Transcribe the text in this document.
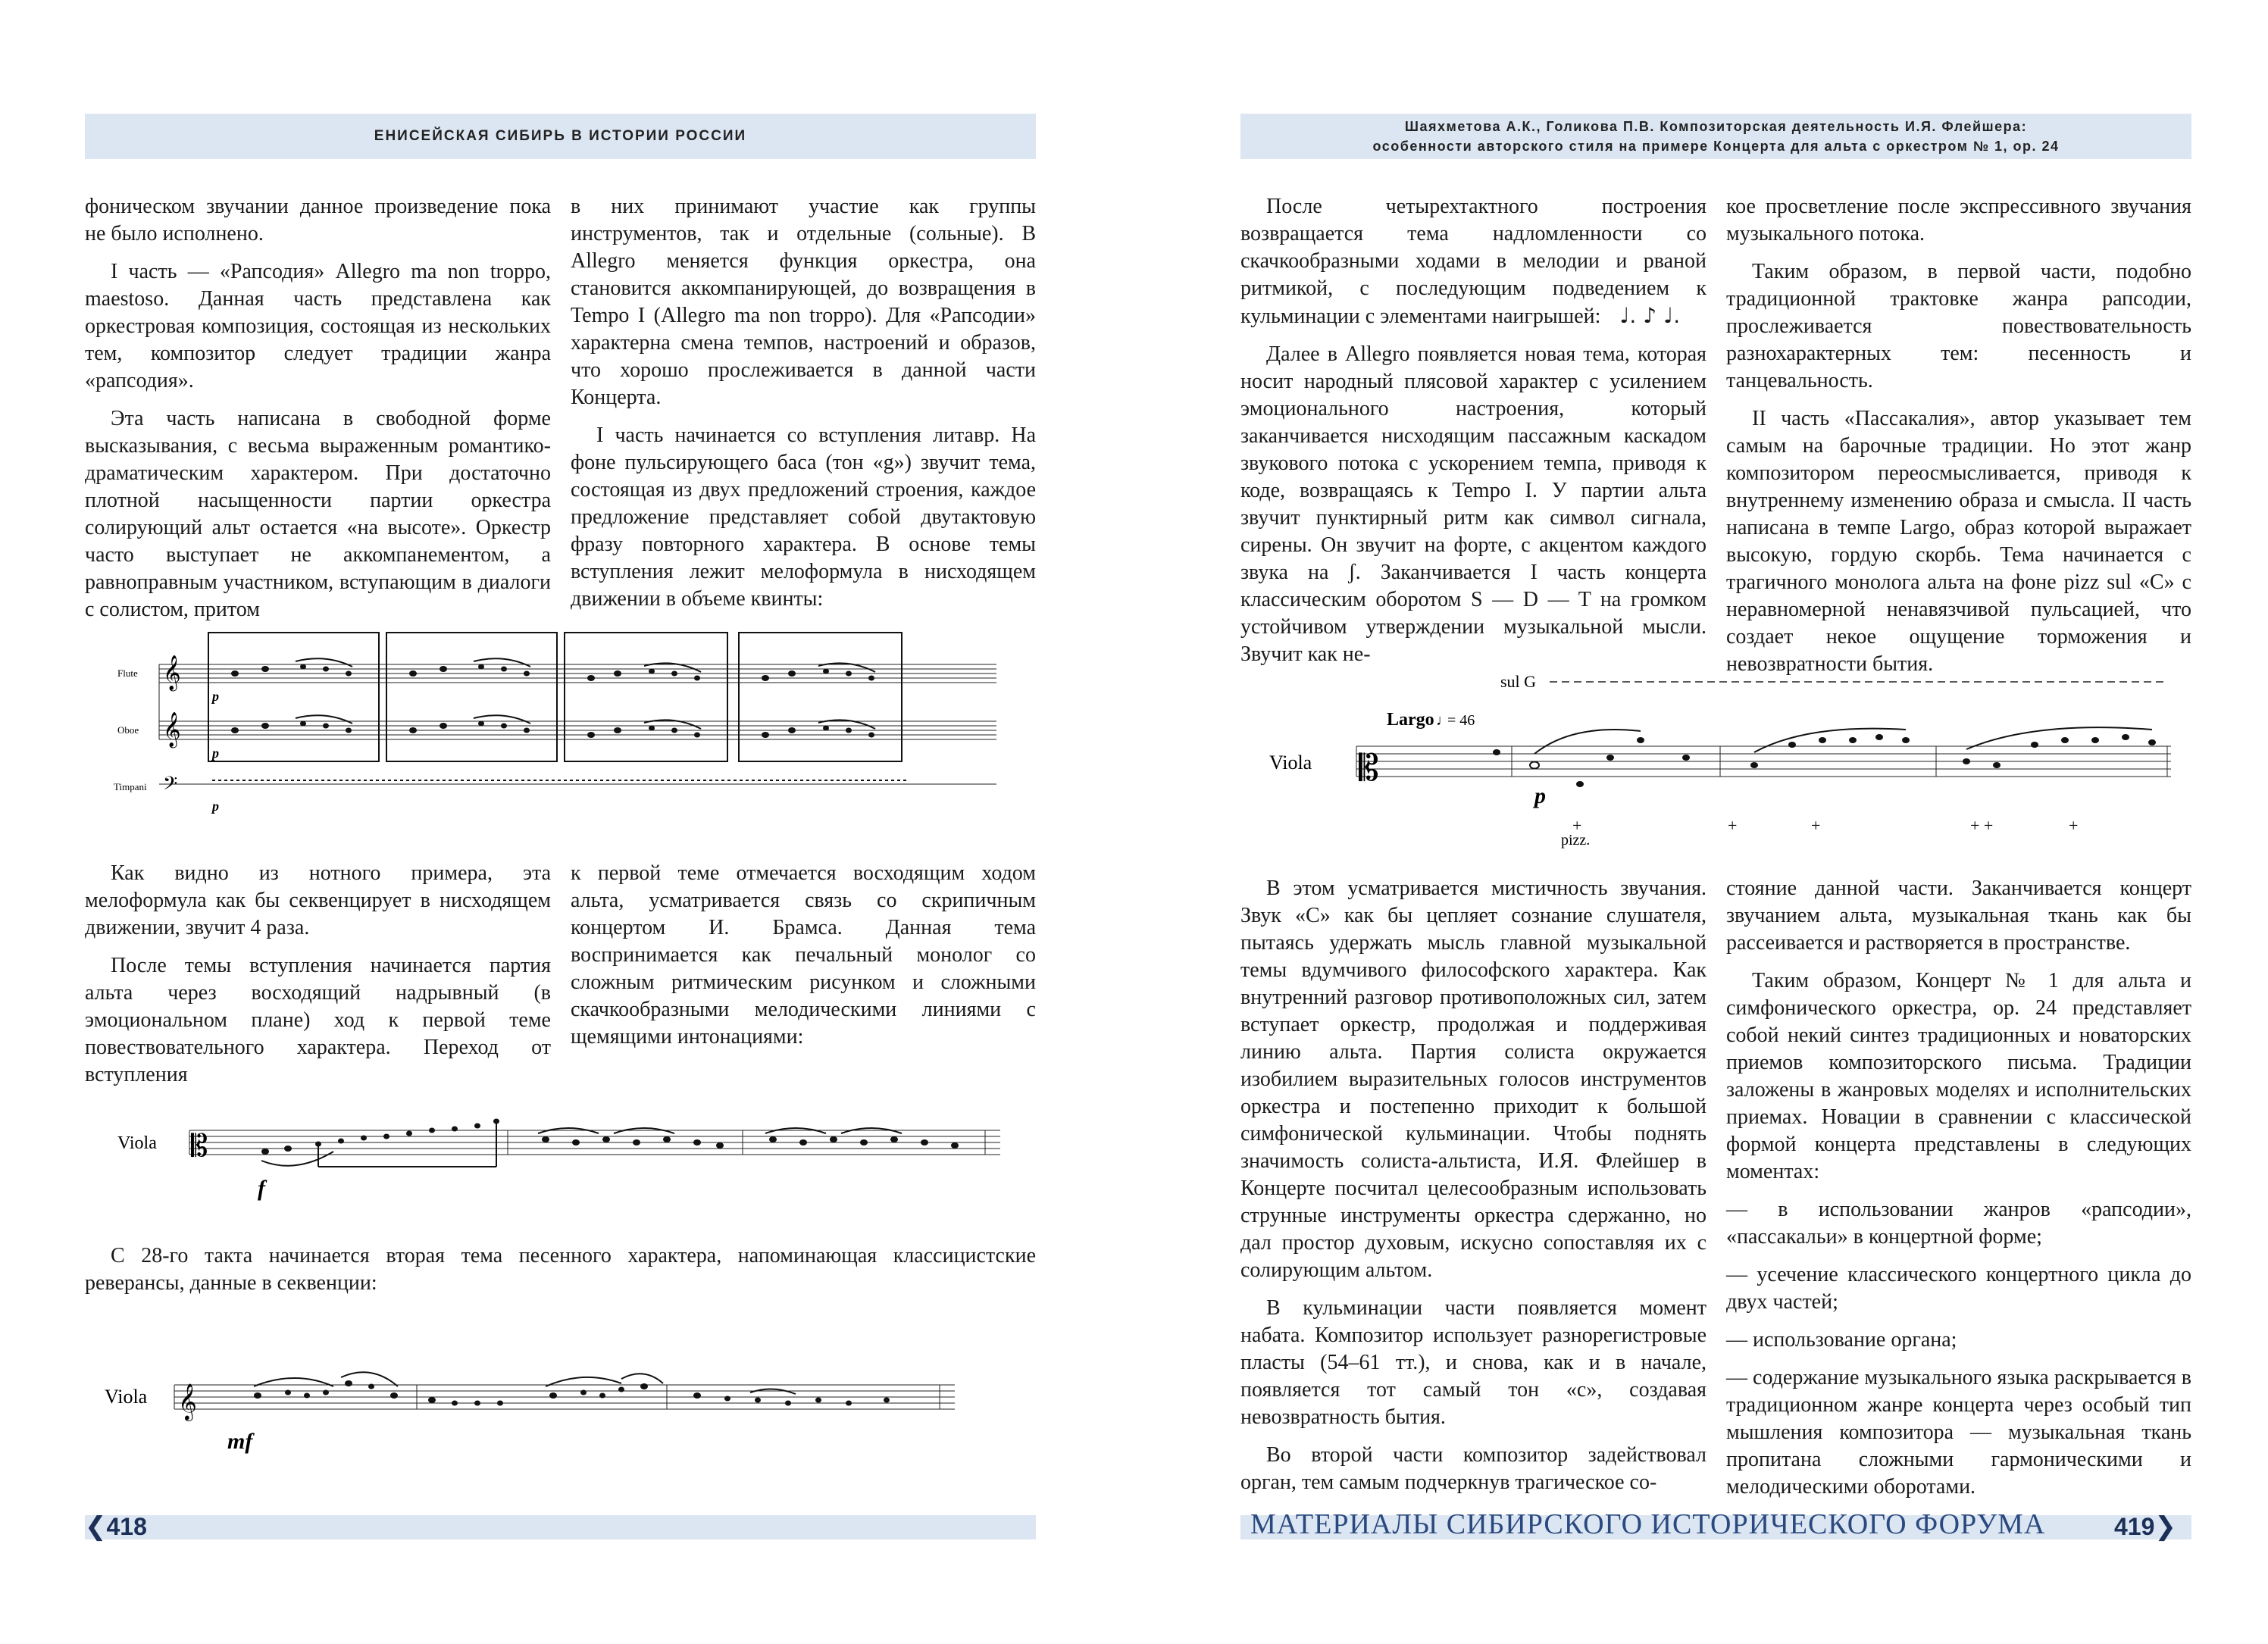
ЕНИСЕЙСКАЯ СИБИРЬ В ИСТОРИИ РОССИИ

фоническом звучании данное произведение пока не было исполнено.

I часть — «Рапсодия» Allegro ma non troppo, maestoso. Данная часть представлена как оркестровая композиция, состоящая из нескольких тем, композитор следует традиции жанра «рапсодия».

Эта часть написана в свободной форме высказывания, с весьма выраженным романтико-драматическим характером. При достаточно плотной насыщенности партии оркестра солирующий альт остается «на высоте». Оркестр часто выступает не аккомпанементом, а равноправным участником, вступающим в диалоги с солистом, притом

в них принимают участие как группы инструментов, так и отдельные (сольные). В Allegro меняется функция оркестра, она становится аккомпанирующей, до возвращения в Tempo I (Allegro ma non troppo). Для «Рапсодии» характерна смена темпов, настроений и образов, что хорошо прослеживается в данной части Концерта.

I часть начинается со вступления литавр. На фоне пульсирующего баса (тон «g») звучит тема, состоящая из двух предложений строения, каждое предложение представляет собой двутактовую фразу повторного характера. В основе темы вступления лежит мелоформула в нисходящем движении в объеме квинты:

Flute
Oboe
Timpani
𝄞
𝄞
𝄢
p
p
p

Как видно из нотного примера, эта мелоформула как бы секвенцирует в нисходящем движении, звучит 4 раза.

После темы вступления начинается партия альта через восходящий надрывный (в эмоциональном плане) ход к первой теме повествовательного характера. Переход от вступления

к первой теме отмечается восходящим ходом альта, усматривается связь со скрипичным концертом И. Брамса. Данная тема воспринимается как печальный монолог со сложным ритмическим рисунком и сложными скачкообразными мелодическими линиями с щемящими интонациями:

Viola 𝄡
f

С 28-го такта начинается вторая тема песенного характера, напоминающая классицистские реверансы, данные в секвенции:

Viola 𝄞
mf
❮418
Шаяхметова А.К., Голикова П.В. Композиторская деятельность И.Я. Флейшера:
особенности авторского стиля на примере Концерта для альта с оркестром № 1, ор. 24

После четырехтактного построения возвращается тема надломленности со скачкообразными ходами в мелодии и рваной ритмикой, с последующим подведением к кульминации с элементами наигрышей:   ♩. ♪ ♩.

Далее в Allegro появляется новая тема, которая носит народный плясовой характер с усилением эмоционального настроения, который заканчивается нисходящим пассажным каскадом звукового потока с ускорением темпа, приводя к коде, возвращаясь к Tempo I. У партии альта звучит пунктирный ритм как символ сигнала, сирены. Он звучит на форте, с акцентом каждого звука на ʃ. Заканчивается I часть концерта классическим оборотом S — D — T на громком устойчивом утверждении музыкальной мысли. Звучит как не-

кое просветление после экспрессивного звучания музыкального потока.

Таким образом, в первой части, подобно традиционной трактовке жанра рапсодии, прослеживается повествовательность разнохарактерных тем: песенность и танцевальность.

II часть «Пассакалия», автор указывает тем самым на барочные традиции. Но этот жанр композитором переосмысливается, приводя к внутреннему изменению образа и смысла. II часть написана в темпе Largo, образ которой выражает высокую, гордую скорбь. Тема начинается с трагичного монолога альта на фоне pizz sul «C» с неравномерной ненавязчивой пульсацией, что создает некое ощущение торможения и невозвратности бытия.

sul G
Largo ♩
= 46
Viola 𝄡
p
pizz.
+	+	+	+ +	+

В этом усматривается мистичность звучания. Звук «С» как бы цепляет сознание слушателя, пытаясь удержать мысль главной музыкальной темы вдумчивого философского характера. Как внутренний разговор противоположных сил, затем вступает оркестр, продолжая и поддерживая линию альта. Партия солиста окружается изобилием выразительных голосов инструментов оркестра и постепенно приходит к большой симфонической кульминации. Чтобы поднять значимость солиста-альтиста, И.Я. Флейшер в Концерте посчитал целесообразным использовать струнные инструменты оркестра сдержанно, но дал простор духовым, искусно сопоставляя их с солирующим альтом.

В кульминации части появляется момент набата. Композитор использует разнорегистровые пласты (54–61 тт.), и снова, как и в начале, появляется тот самый тон «с», создавая невозвратность бытия.

Во второй части композитор задействовал орган, тем самым подчеркнув трагическое со-

стояние данной части. Заканчивается концерт звучанием альта, музыкальная ткань как бы рассеивается и растворяется в пространстве.

Таким образом, Концерт № 1 для альта и симфонического оркестра, ор. 24 представляет собой некий синтез традиционных и новаторских приемов композиторского письма. Традиции заложены в жанровых моделях и исполнительских приемах. Новации в сравнении с классической формой концерта представлены в следующих моментах:

— в использовании жанров «рапсодии», «пассакальи» в концертной форме;

— усечение классического концертного цикла до двух частей;

— использование органа;

— содержание музыкального языка раскрывается в традиционном жанре концерта через особый тип мышления композитора — музыкальная ткань пропитана сложными гармоническими и мелодическими оборотами.

МАТЕРИАЛЫ СИБИРСКОГО ИСТОРИЧЕСКОГО ФОРУМА	419❯
